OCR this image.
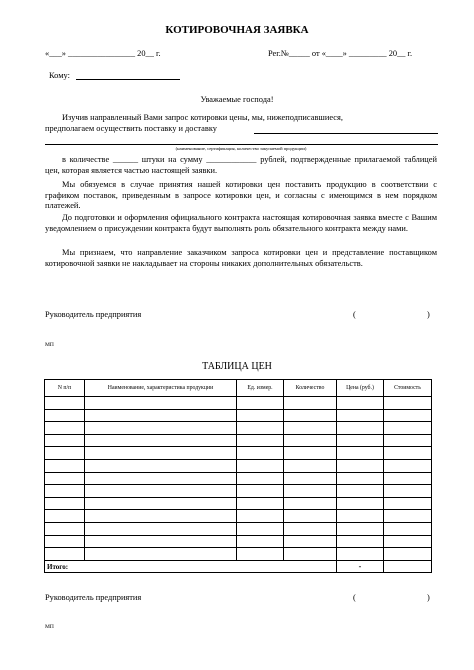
КОТИРОВОЧНАЯ ЗАЯВКА
«___» ________________ 20__ г.	Рег.№_____ от «____» _________ 20__ г.
Кому:
Уважаемые господа!
Изучив направленный Вами запрос котировки цены, мы, нижеподписавшиеся,
предполагаем осуществить поставку и доставку
(наименование, сертификация, количество закупаемой продукции)
в количестве ______ штуки на сумму ____________ рублей, подтвержденные прилагаемой таблицей цен, которая является частью настоящей заявки.
Мы обязуемся в случае принятия нашей котировки цен поставить продукцию в соответствии с графиком поставок, приведенным в запросе котировки цен, и согласны с имеющимся в нем порядком платежей.
До подготовки и оформления официального контракта настоящая котировочная заявка вместе с Вашим уведомлением о присуждении контракта будут выполнять роль обязательного контракта между нами.
Мы признаем, что направление заказчиком запроса котировки цен и представление поставщиком котировочной заявки не накладывает на стороны никаких дополнительных обязательств.
Руководитель предприятия	(	)
МП
ТАБЛИЦА ЦЕН
N п/п	Наименование, характеристика продукции	Ед. измер.	Количество	Цена (руб.)	Стоимость

Итого:				-	
Руководитель предприятия	(	)
МП
